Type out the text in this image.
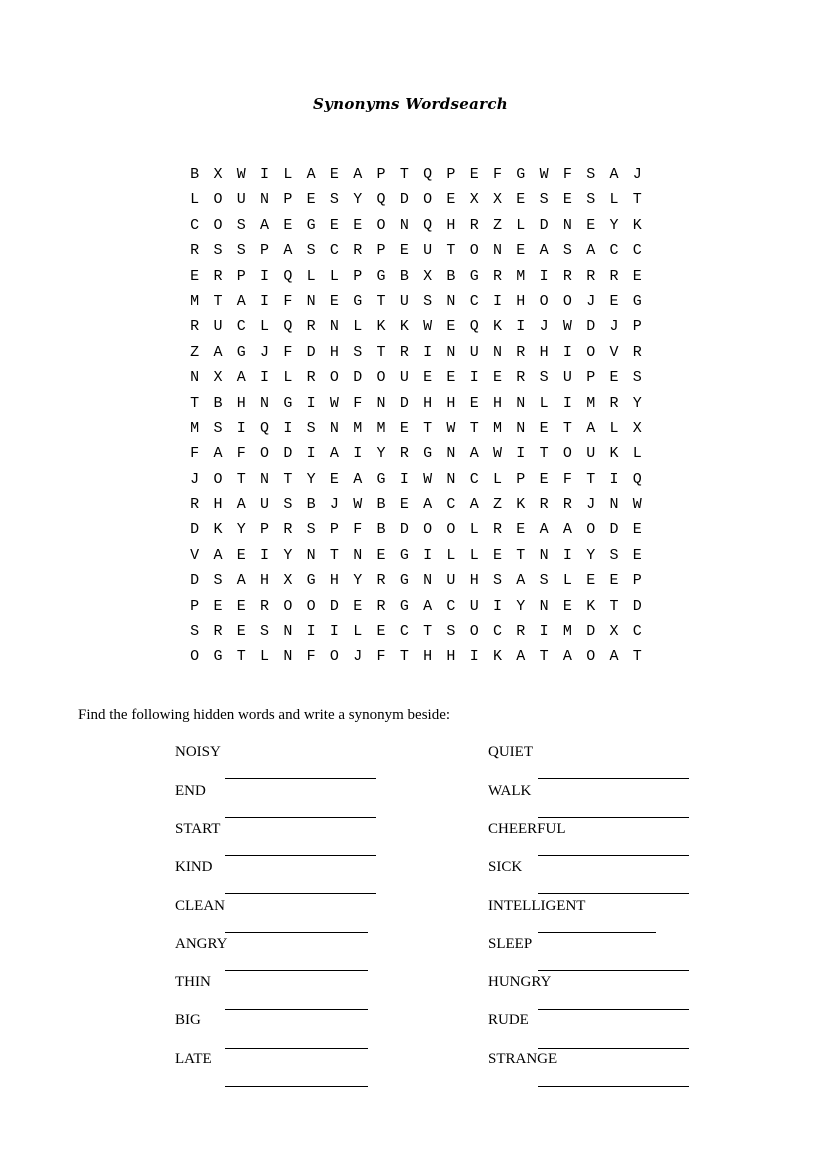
Synonyms Wordsearch
B X W I L A E A P T Q P E F G W F S A J
L O U N P E S Y Q D O E X X E S E S L T
C O S A E G E E O N Q H R Z L D N E Y K
R S S P A S C R P E U T O N E A S A C C
E R P I Q L L P G B X B G R M I R R R E
M T A I F N E G T U S N C I H O O J E G
R U C L Q R N L K K W E Q K I J W D J P
Z A G J F D H S T R I N U N R H I O V R
N X A I L R O D O U E E I E R S U P E S
T B H N G I W F N D H H E H N L I M R Y
M S I Q I S N M M E T W T M N E T A L X
F A F O D I A I Y R G N A W I T O U K L
J O T N T Y E A G I W N C L P E F T I Q
R H A U S B J W B E A C A Z K R R J N W
D K Y P R S P F B D O O L R E A A O D E
V A E I Y N T N E G I L L E T N I Y S E
D S A H X G H Y R G N U H S A S L E E P
P E E R O O D E R G A C U I Y N E K T D
S R E S N I I L E C T S O C R I M D X C
O G T L N F O J F T H H I K A T A O A T
Find the following hidden words and write a synonym beside:
NOISY
END
START
KIND
CLEAN
ANGRY
THIN
BIG
LATE
QUIET
WALK
CHEERFUL
SICK
INTELLIGENT
SLEEP
HUNGRY
RUDE
STRANGE
